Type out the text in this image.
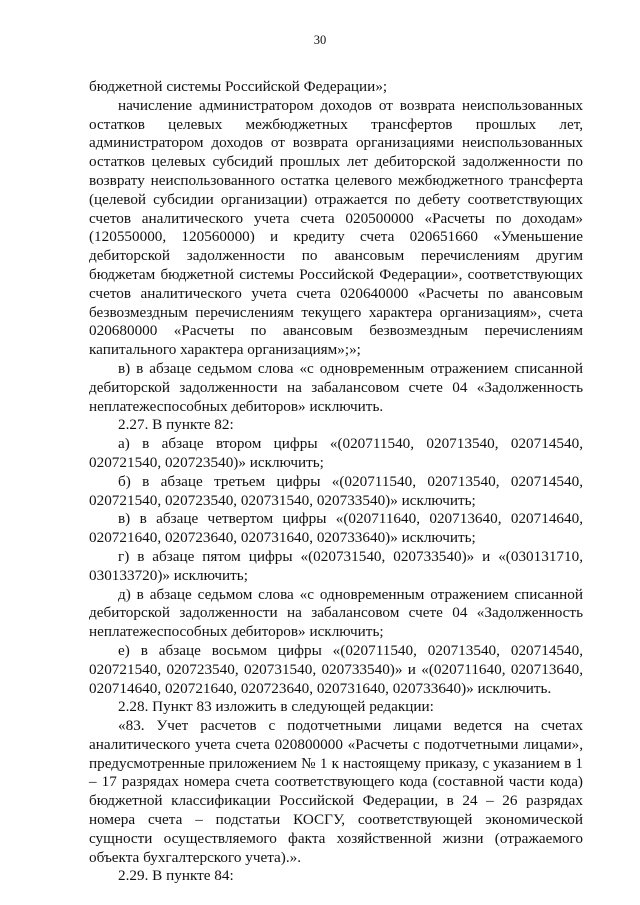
30

бюджетной системы Российской Федерации»;

начисление администратором доходов от возврата неиспользованных остатков целевых межбюджетных трансфертов прошлых лет, администратором доходов от возврата организациями неиспользованных остатков целевых субсидий прошлых лет дебиторской задолженности по возврату неиспользованного остатка целевого межбюджетного трансферта (целевой субсидии организации) отражается по дебету соответствующих счетов аналитического учета счета 020500000 «Расчеты по доходам» (120550000, 120560000) и кредиту счета 020651660 «Уменьшение дебиторской задолженности по авансовым перечислениям другим бюджетам бюджетной системы Российской Федерации», соответствующих счетов аналитического учета счета 020640000 «Расчеты по авансовым безвозмездным перечислениям текущего характера организациям», счета 020680000 «Расчеты по авансовым безвозмездным перечислениям капитального характера организациям»;»;

в) в абзаце седьмом слова «с одновременным отражением списанной дебиторской задолженности на забалансовом счете 04 «Задолженность неплатежеспособных дебиторов» исключить.

2.27. В пункте 82:

а) в абзаце втором цифры «(020711540, 020713540, 020714540, 020721540, 020723540)» исключить;

б) в абзаце третьем цифры «(020711540, 020713540, 020714540, 020721540, 020723540, 020731540, 020733540)» исключить;

в) в абзаце четвертом цифры «(020711640, 020713640, 020714640, 020721640, 020723640, 020731640, 020733640)» исключить;

г) в абзаце пятом цифры «(020731540, 020733540)» и «(030131710, 030133720)» исключить;

д) в абзаце седьмом слова «с одновременным отражением списанной дебиторской задолженности на забалансовом счете 04 «Задолженность неплатежеспособных дебиторов» исключить;

е) в абзаце восьмом цифры «(020711540, 020713540, 020714540, 020721540, 020723540, 020731540, 020733540)» и «(020711640, 020713640, 020714640, 020721640, 020723640, 020731640, 020733640)» исключить.

2.28. Пункт 83 изложить в следующей редакции:

«83. Учет расчетов с подотчетными лицами ведется на счетах аналитического учета счета 020800000 «Расчеты с подотчетными лицами», предусмотренные приложением № 1 к настоящему приказу, с указанием в 1 – 17 разрядах номера счета соответствующего кода (составной части кода) бюджетной классификации Российской Федерации, в 24 – 26 разрядах номера счета – подстатьи КОСГУ, соответствующей экономической сущности осуществляемого факта хозяйственной жизни (отражаемого объекта бухгалтерского учета).».

2.29. В пункте 84:
